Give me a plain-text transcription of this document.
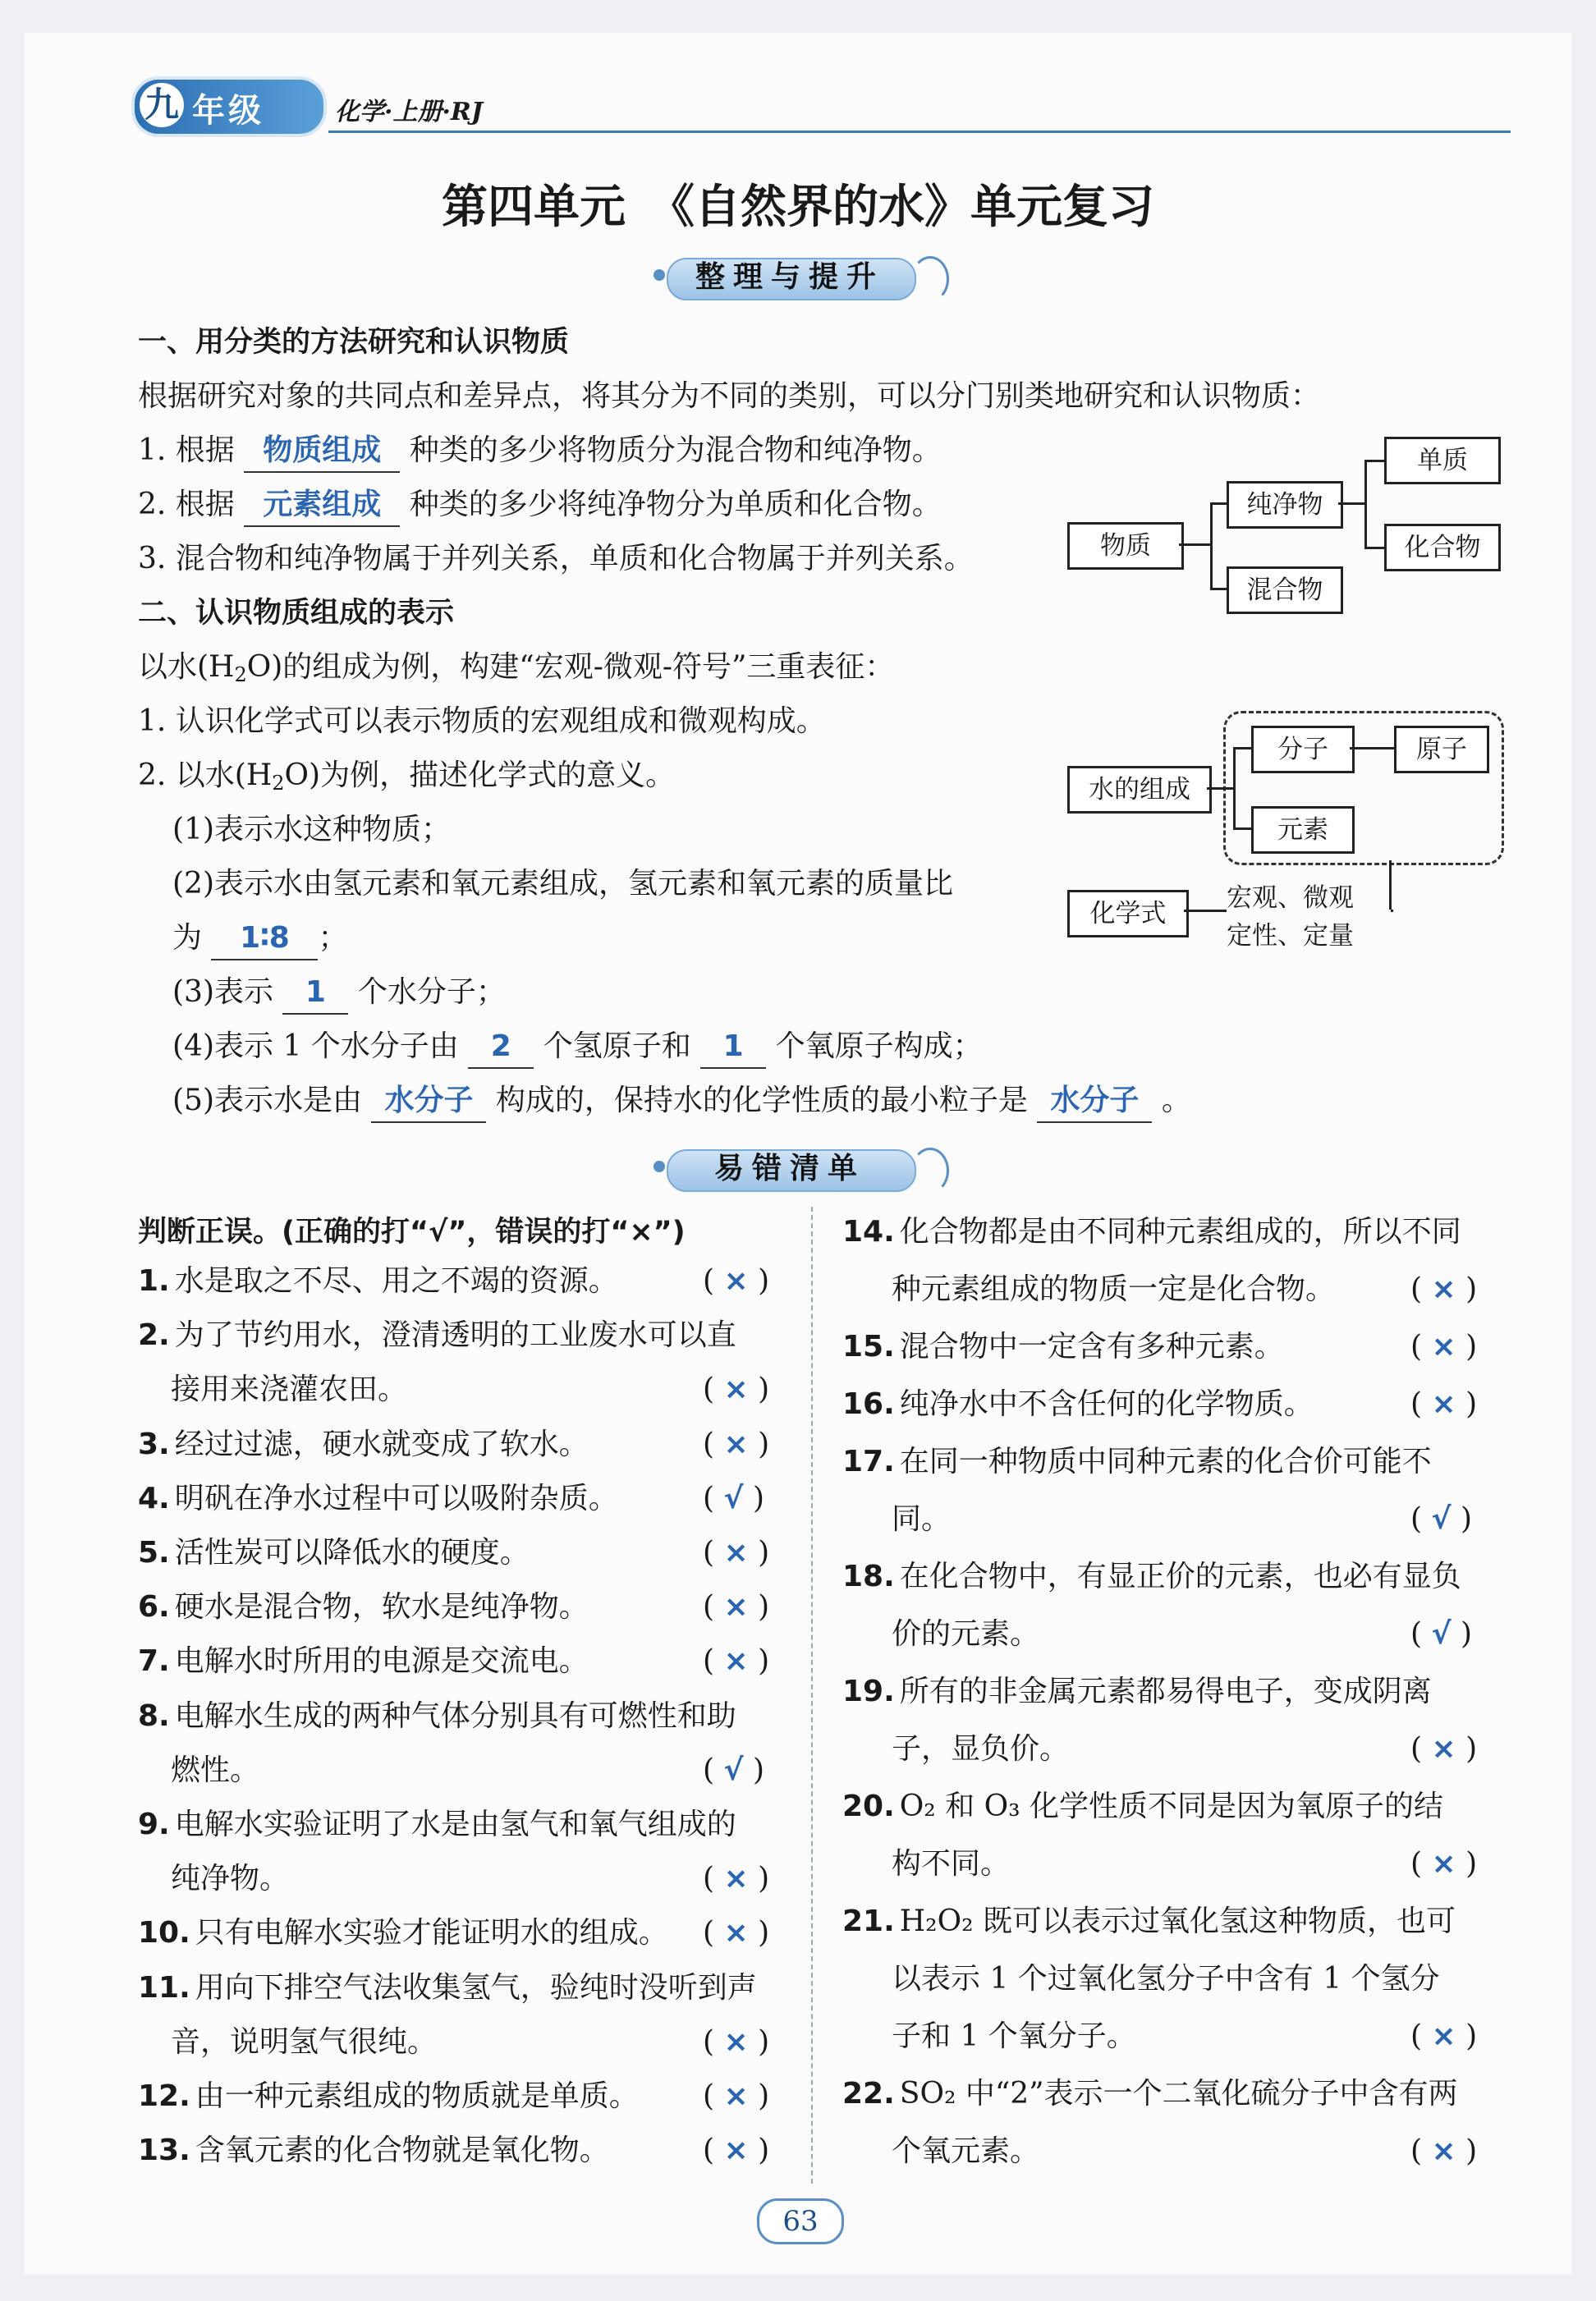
九 年级	化学·上册·RJ
第四单元　《自然界的水》单元复习
整理与提升
一、用分类的方法研究和认识物质
根据研究对象的共同点和差异点，将其分为不同的类别，可以分门别类地研究和认识物质：
1. 根据 物质组成 种类的多少将物质分为混合物和纯净物。
2. 根据 元素组成 种类的多少将纯净物分为单质和化合物。
3. 混合物和纯净物属于并列关系，单质和化合物属于并列关系。
二、认识物质组成的表示
以水$(H_2O)$的组成为例，构建“宏观-微观-符号”三重表征：
1. 认识化学式可以表示物质的宏观组成和微观构成。
2. 以水$(H_2O)$为例，描述化学式的意义。
(1)表示水这种物质；
(2)表示水由氢元素和氧元素组成，氢元素和氧元素的质量比
为 1∶8 ；
(3)表示 1 个水分子；
(4)表示 1 个水分子由 2 个氢原子和 1 个氧原子构成；
(5)表示水是由 水分子 构成的，保持水的化学性质的最小粒子是 水分子 。
物质
纯净物
混合物
单质
化合物
水的组成
分子	原子
元素
化学式
宏观、微观
定性、定量
易错清单
判断正误。(正确的打“√”，错误的打“×”)
1. 水是取之不尽、用之不竭的资源。	( × )
2. 为了节约用水，澄清透明的工业废水可以直
接用来浇灌农田。	( × )
3. 经过过滤，硬水就变成了软水。	( × )
4. 明矾在净水过程中可以吸附杂质。	( √ )
5. 活性炭可以降低水的硬度。	( × )
6. 硬水是混合物，软水是纯净物。	( × )
7. 电解水时所用的电源是交流电。	( × )
8. 电解水生成的两种气体分别具有可燃性和助
燃性。	( √ )
9. 电解水实验证明了水是由氢气和氧气组成的
纯净物。	( × )
10. 只有电解水实验才能证明水的组成。 ( × )
11. 用向下排空气法收集氢气，验纯时没听到声
音，说明氢气很纯。	( × )
12. 由一种元素组成的物质就是单质。 ( × )
13. 含氧元素的化合物就是氧化物。	( × )
14. 化合物都是由不同种元素组成的，所以不同
种元素组成的物质一定是化合物。	( × )
15. 混合物中一定含有多种元素。	( × )
16. 纯净水中不含任何的化学物质。	( × )
17. 在同一种物质中同种元素的化合价可能不
同。	( √ )
18. 在化合物中，有显正价的元素，也必有显负
价的元素。	( √ )
19. 所有的非金属元素都易得电子，变成阴离
子，显负价。	( × )
20. O₂ 和 O₃ 化学性质不同是因为氧原子的结
构不同。	( × )
21. H₂O₂ 既可以表示过氧化氢这种物质，也可
以表示 1 个过氧化氢分子中含有 1 个氢分
子和 1 个氧分子。	( × )
22. SO₂ 中“2”表示一个二氧化硫分子中含有两
个氧元素。	( × )
63
